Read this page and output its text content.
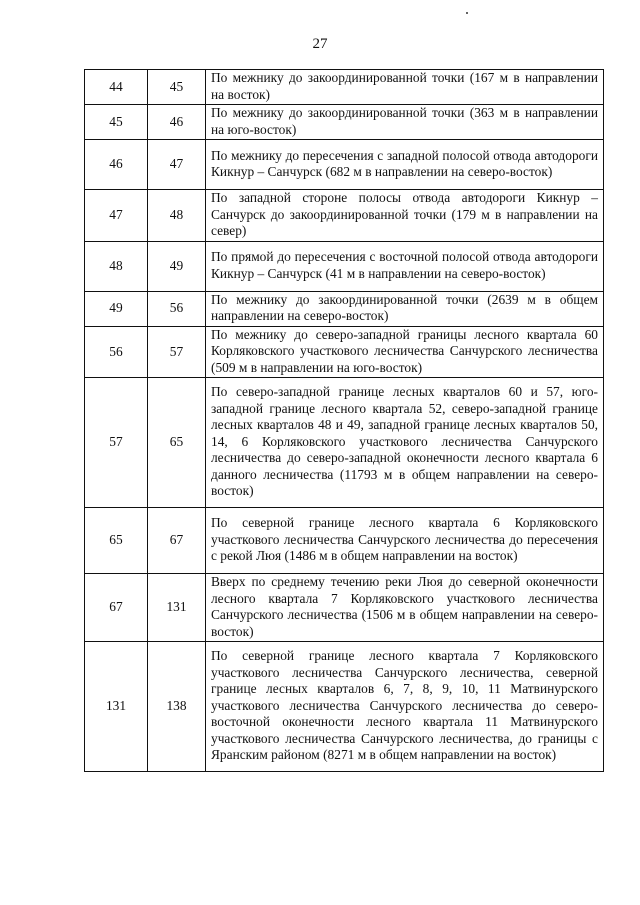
27
44	45	По межнику до закоординированной точки (167 м в направлении на восток)
45	46	По межнику до закоординированной точки (363 м в направлении на юго-восток)
46	47	По межнику до пересечения с западной полосой отвода автодороги Кикнур – Санчурск (682 м в направлении на северо-восток)
47	48	По западной стороне полосы отвода автодороги Кикнур – Санчурск до закоординированной точки (179 м в направлении на север)
48	49	По прямой до пересечения с восточной полосой отвода автодороги Кикнур – Санчурск (41 м в направлении на северо-восток)
49	56	По межнику до закоординированной точки (2639 м в общем направлении на северо-восток)
56	57	По межнику до северо-западной границы лесного квартала 60 Корляковского участкового лесничества Санчурского лесничества (509 м в направлении на юго-восток)
57	65	По северо-западной границе лесных кварталов 60 и 57, юго-западной границе лесного квартала 52, северо-западной границе лесных кварталов 48 и 49, западной границе лесных кварталов 50, 14, 6 Корляковского участкового лесничества Санчурского лесничества до северо-западной оконечности лесного квартала 6 данного лесничества (11793 м в общем направлении на северо-восток)
65	67	По северной границе лесного квартала 6 Корляковского участкового лесничества Санчурского лесничества до пересечения с рекой Люя (1486 м в общем направлении на восток)
67	131	Вверх по среднему течению реки Люя до северной оконечности лесного квартала 7 Корляковского участкового лесничества Санчурского лесничества (1506 м в общем направлении на северо-восток)
131	138	По северной границе лесного квартала 7 Корляковского участкового лесничества Санчурского лесничества, северной границе лесных кварталов 6, 7, 8, 9, 10, 11 Матвинурского участкового лесничества Санчурского лесничества до северо-восточной оконечности лесного квартала 11 Матвинурского участкового лесничества Санчурского лесничества, до границы с Яранским районом (8271 м в общем направлении на восток)
